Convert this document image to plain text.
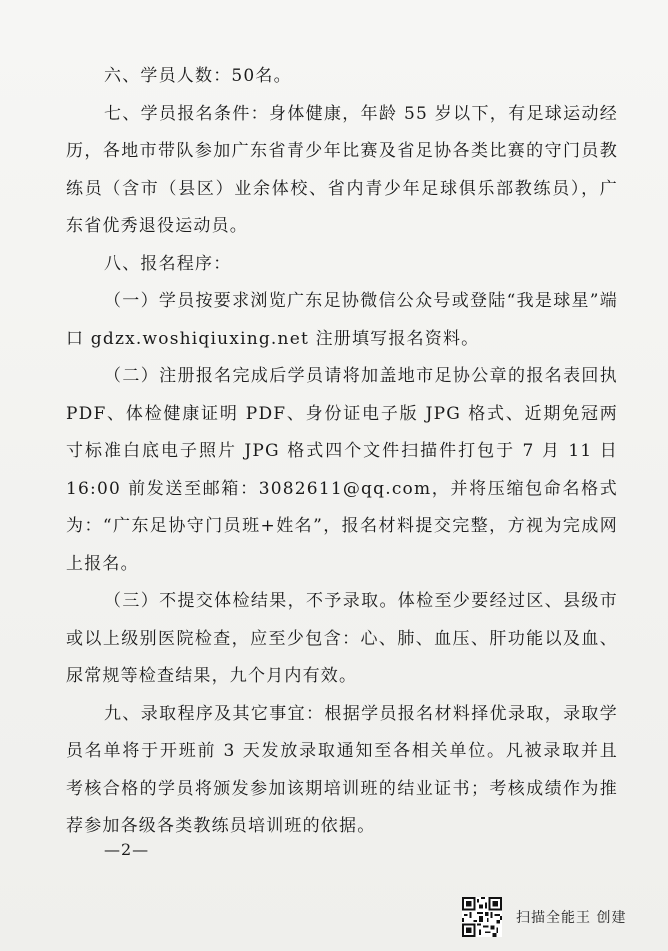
六、学员人数：50名。

七、学员报名条件：身体健康，年龄 55 岁以下，有足球运动经历，各地市带队参加广东省青少年比赛及省足协各类比赛的守门员教练员（含市（县区）业余体校、省内青少年足球俱乐部教练员），广东省优秀退役运动员。

八、报名程序：

（一）学员按要求浏览广东足协微信公众号或登陆“我是球星”端口 gdzx.woshiqiuxing.net 注册填写报名资料。

（二）注册报名完成后学员请将加盖地市足协公章的报名表回执 PDF、体检健康证明 PDF、身份证电子版 JPG 格式、近期免冠两寸标准白底电子照片 JPG 格式四个文件扫描件打包于 7 月 11 日 16:00 前发送至邮箱：3082611@qq.com，并将压缩包命名格式为：“广东足协守门员班+姓名”，报名材料提交完整，方视为完成网上报名。

（三）不提交体检结果，不予录取。体检至少要经过区、县级市或以上级别医院检查，应至少包含：心、肺、血压、肝功能以及血、尿常规等检查结果，九个月内有效。

九、录取程序及其它事宜：根据学员报名材料择优录取，录取学员名单将于开班前 3 天发放录取通知至各相关单位。凡被录取并且考核合格的学员将颁发参加该期培训班的结业证书；考核成绩作为推荐参加各级各类教练员培训班的依据。

—2—
扫描全能王 创建
